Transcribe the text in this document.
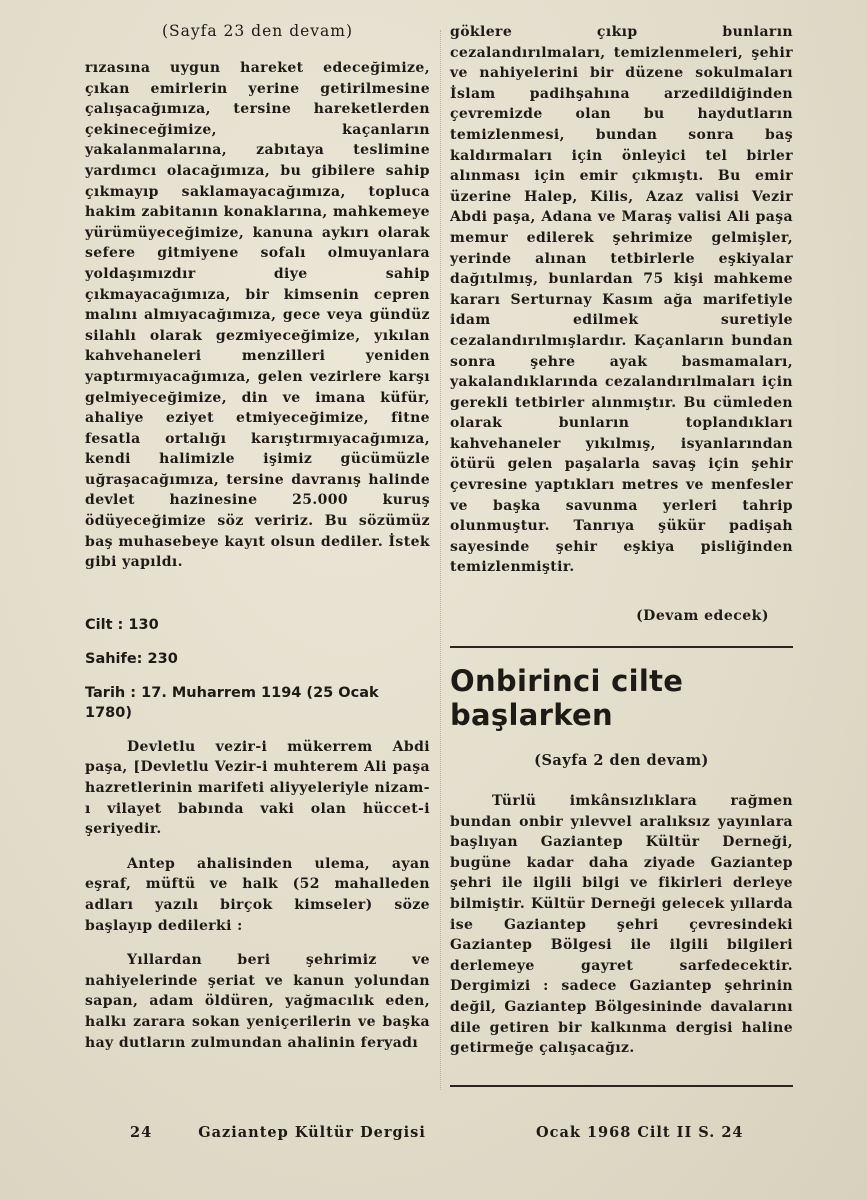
(Sayfa 23 den devam)

rızasına uygun hareket edeceğimize, çıkan emirlerin yerine getirilmesine çalışacağımıza, tersine hareketlerden çekineceğimize, kaçanların yakalanmalarına, zabıtaya teslimine yardımcı olacağımıza, bu gibilere sahip çıkmayıp saklamayacağımıza, topluca hakim zabitanın konaklarına, mahkemeye yürümüyeceğimize, kanuna aykırı olarak sefere gitmiyene sofalı olmuyanlara yoldaşımızdır diye sahip çıkmayacağımıza, bir kimsenin cepren malını almıyacağımıza, gece veya gündüz silahlı olarak gezmiyeceğimize, yıkılan kahvehaneleri menzilleri yeniden yaptırmıyacağımıza, gelen vezirlere karşı gelmiyeceğimize, din ve imana küfür, ahaliye eziyet etmiyeceğimize, fitne fesatla ortalığı karıştırmıyacağımıza, kendi halimizle işimiz gücümüzle uğraşacağımıza, tersine davranış halinde devlet hazinesine 25.000 kuruş ödüyeceğimize söz veririz. Bu sözümüz baş muhasebeye kayıt olsun dediler. İstek gibi yapıldı.

Cilt : 130

Sahife: 230

Tarih : 17. Muharrem 1194 (25 Ocak 1780)

Devletlu vezir-i mükerrem Abdi paşa, [Devletlu Vezir-i muhterem Ali paşa hazretlerinin marifeti aliyyeleriyle nizam-ı vilayet babında vaki olan hüccet-i şeriyedir.

Antep ahalisinden ulema, ayan eşraf, müftü ve halk (52 mahalleden adları yazılı birçok kimseler) söze başlayıp dedilerki :

Yıllardan beri şehrimiz ve nahiyelerinde şeriat ve kanun yolundan sapan, adam öldüren, yağmacılık eden, halkı zarara sokan yeniçerilerin ve başka hay dutların zulmundan ahalinin feryadı

göklere çıkıp bunların cezalandırılmaları, temizlenmeleri, şehir ve nahiyelerini bir düzene sokulmaları İslam padihşahına arzedildiğinden çevremizde olan bu haydutların temizlenmesi, bundan sonra baş kaldırmaları için önleyici tel birler alınması için emir çıkmıştı. Bu emir üzerine Halep, Kilis, Azaz valisi Vezir Abdi paşa, Adana ve Maraş valisi Ali paşa memur edilerek şehrimize gelmişler, yerinde alınan tetbirlerle eşkiyalar dağıtılmış, bunlardan 75 kişi mahkeme kararı Serturnay Kasım ağa marifetiyle idam edilmek suretiyle cezalandırılmışlardır. Kaçanların bundan sonra şehre ayak basmamaları, yakalandıklarında cezalandırılmaları için gerekli tetbirler alınmıştır. Bu cümleden olarak bunların toplandıkları kahvehaneler yıkılmış, isyanlarından ötürü gelen paşalarla savaş için şehir çevresine yaptıkları metres ve menfesler ve başka savunma yerleri tahrip olunmuştur. Tanrıya şükür padişah sayesinde şehir eşkiya pisliğinden temizlenmiştir.

(Devam edecek)
Onbirinci cilte başlarken
(Sayfa 2 den devam)

Türlü imkânsızlıklara rağmen bundan onbir yılevvel aralıksız yayınlara başlıyan Gaziantep Kültür Derneği, bugüne kadar daha ziyade Gaziantep şehri ile ilgili bilgi ve fikirleri derleye bilmiştir. Kültür Derneği gelecek yıllarda ise Gaziantep şehri çevresindeki Gaziantep Bölgesi ile ilgili bilgileri derlemeye gayret sarfedecektir. Dergimizi : sadece Gaziantep şehrinin değil, Gaziantep Bölgesininde davalarını dile getiren bir kalkınma dergisi haline getirmeğe çalışacağız.

24	Gaziantep Kültür Dergisi	Ocak 1968 Cilt II S. 24
